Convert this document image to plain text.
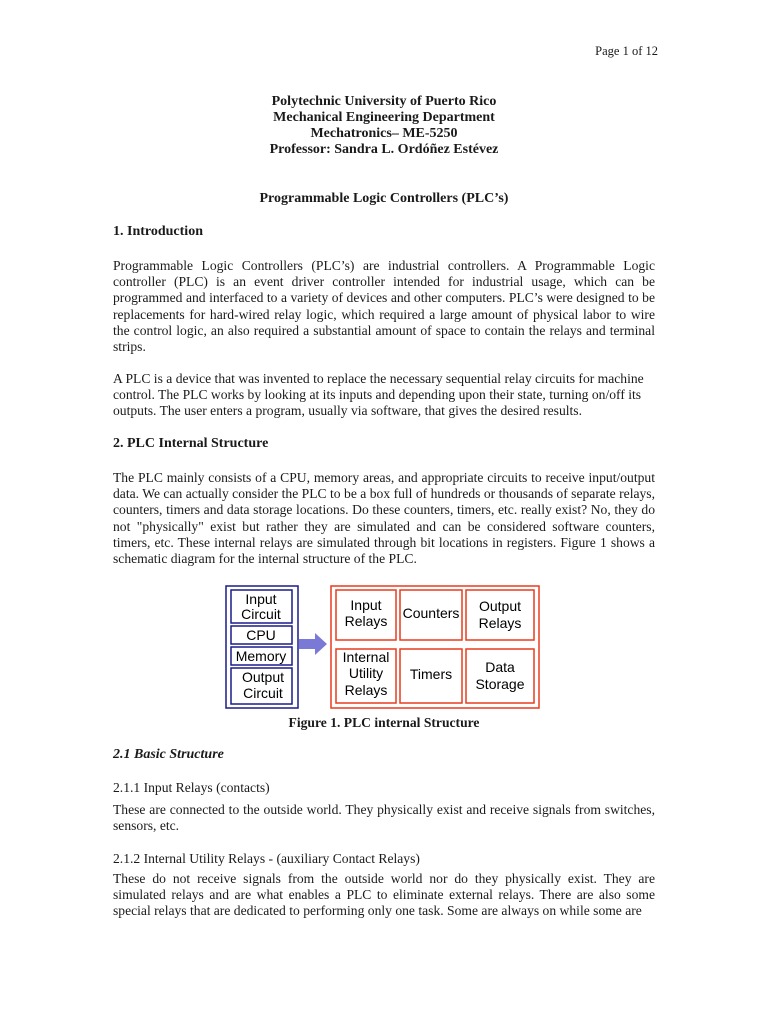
Page 1 of 12
Polytechnic University of Puerto Rico
Mechanical Engineering Department
Mechatronics– ME-5250
Professor: Sandra L. Ordóñez Estévez
Programmable Logic Controllers (PLC’s)
1. Introduction

Programmable Logic Controllers (PLC’s) are industrial controllers. A Programmable Logic controller (PLC) is an event driver controller intended for industrial usage, which can be programmed and interfaced to a variety of devices and other computers. PLC’s were designed to be replacements for hard-wired relay logic, which required a large amount of physical labor to wire the control logic, an also required a substantial amount of space to contain the relays and terminal strips.

A PLC is a device that was invented to replace the necessary sequential relay circuits for machine control. The PLC works by looking at its inputs and depending upon their state, turning on/off its outputs. The user enters a program, usually via software, that gives the desired results.

2. PLC Internal Structure

The PLC mainly consists of a CPU, memory areas, and appropriate circuits to receive input/output data. We can actually consider the PLC to be a box full of hundreds or thousands of separate relays, counters, timers and data storage locations. Do these counters, timers, etc. really exist? No, they do not "physically" exist but rather they are simulated and can be considered software counters, timers, etc. These internal relays are simulated through bit locations in registers. Figure 1 shows a schematic diagram for the internal structure of the PLC.

Input
Circuit
CPU
Memory
Output
Circuit
Input
Relays Counters Output
Relays
Internal
Utility
Relays
Timers Data
Storage
Figure 1. PLC internal Structure
2.1 Basic Structure
2.1.1 Input Relays (contacts)

These are connected to the outside world. They physically exist and receive signals from switches, sensors, etc.

2.1.2 Internal Utility Relays - (auxiliary Contact Relays)

These do not receive signals from the outside world nor do they physically exist. They are simulated relays and are what enables a PLC to eliminate external relays. There are also some special relays that are dedicated to performing only one task. Some are always on while some are
